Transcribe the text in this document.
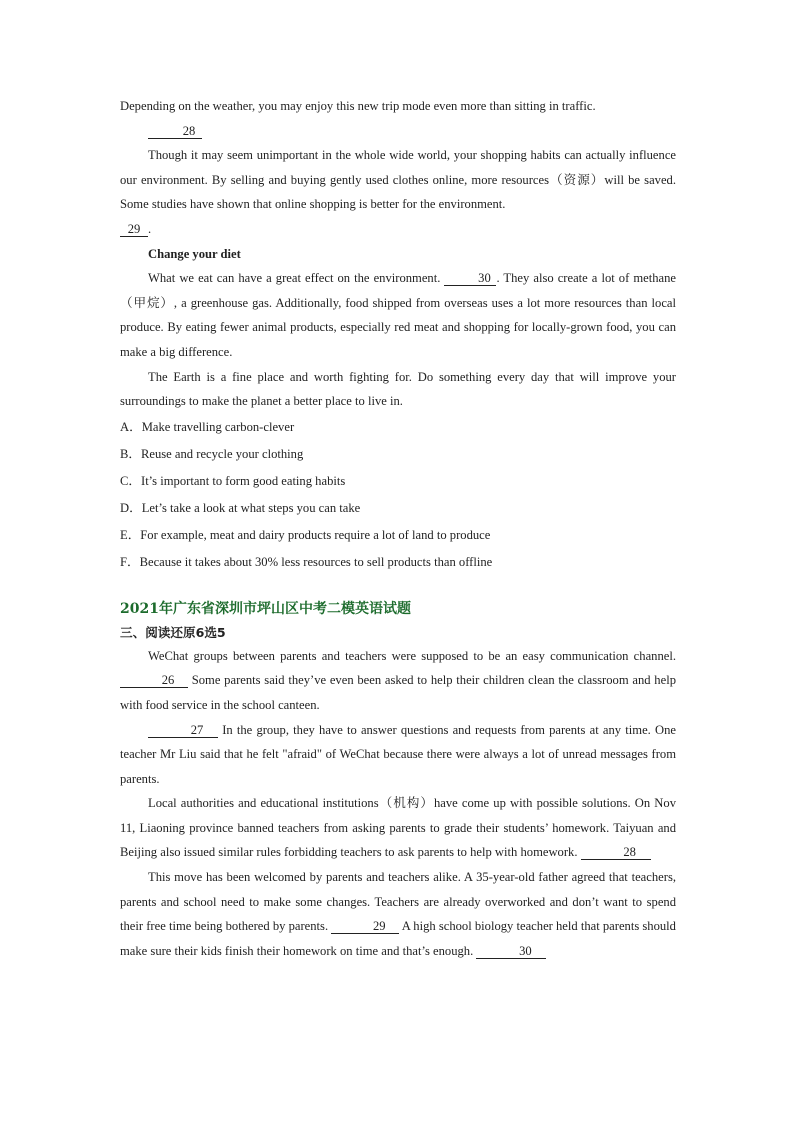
Depending on the weather, you may enjoy this new trip mode even more than sitting in traffic.

28

Though it may seem unimportant in the whole wide world, your shopping habits can actually influence our environment. By selling and buying gently used clothes online, more resources（资源）will be saved. Some studies have shown that online shopping is better for the environment.

29 .

Change your diet

What we eat can have a great effect on the environment.	30 . They also create a lot of methane（甲烷）, a greenhouse gas. Additionally, food shipped from overseas uses a lot more resources than local produce. By eating fewer animal products, especially red meat and shopping for locally-grown food, you can make a big difference.

The Earth is a fine place and worth fighting for. Do something every day that will improve your surroundings to make the planet a better place to live in.

A．Make travelling carbon-clever

B．Reuse and recycle your clothing

C．It’s important to form good eating habits

D．Let’s take a look at what steps you can take

E．For example, meat and dairy products require a lot of land to produce

F．Because it takes about 30% less resources to sell products than offline

2021年广东省深圳市坪山区中考二模英语试题
三、阅读还原6选5

WeChat groups between parents and teachers were supposed to be an easy communication channel. 26 Some parents said they’ve even been asked to help their children clean the classroom and help with food service in the school canteen.

27 In the group, they have to answer questions and requests from parents at any time. One teacher Mr Liu said that he felt "afraid" of WeChat because there were always a lot of unread messages from parents.

Local authorities and educational institutions（机构）have come up with possible solutions. On Nov 11, Liaoning province banned teachers from asking parents to grade their students’ homework. Taiyuan and Beijing also issued similar rules forbidding teachers to ask parents to help with homework.	28

This move has been welcomed by parents and teachers alike. A 35-year-old father agreed that teachers, parents and school need to make some changes. Teachers are already overworked and don’t want to spend their free time being bothered by parents.	29 A high school biology teacher held that parents should make sure their kids finish their homework on time and that’s enough.	30
